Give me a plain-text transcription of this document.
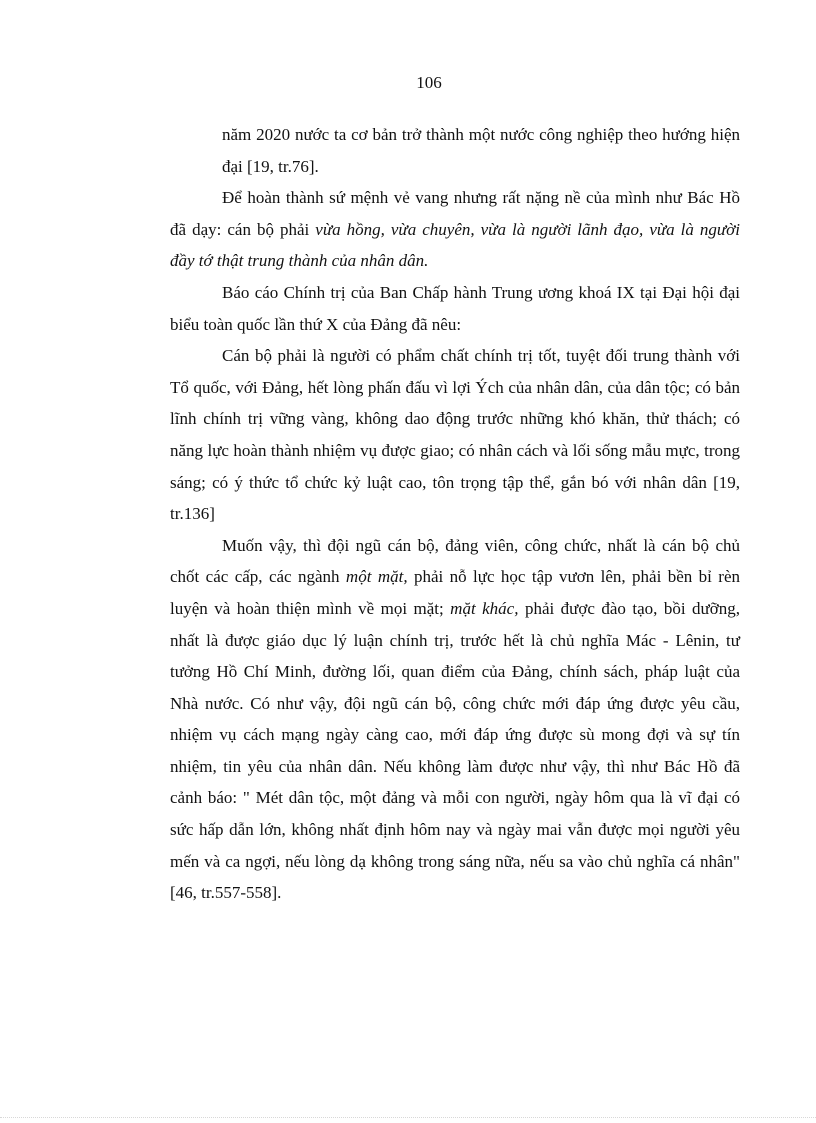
106

năm 2020 nước ta cơ bản trở thành một nước công nghiệp theo hướng hiện đại [19, tr.76].

Để hoàn thành sứ mệnh vẻ vang nhưng rất nặng nề của mình như Bác Hồ đã dạy: cán bộ phải vừa hồng, vừa chuyên, vừa là người lãnh đạo, vừa là người đầy tớ thật trung thành của nhân dân.

Báo cáo Chính trị của Ban Chấp hành Trung ương khoá IX tại Đại hội đại biểu toàn quốc lần thứ X của Đảng đã nêu:

Cán bộ phải là người có phẩm chất chính trị tốt, tuyệt đối trung thành với Tổ quốc, với Đảng, hết lòng phấn đấu vì lợi Ých của nhân dân, của dân tộc; có bản lĩnh chính trị vững vàng, không dao động trước những khó khăn, thử thách; có năng lực hoàn thành nhiệm vụ được giao; có nhân cách và lối sống mẫu mực, trong sáng; có ý thức tổ chức kỷ luật cao, tôn trọng tập thể, gắn bó với nhân dân [19, tr.136]

Muốn vậy, thì đội ngũ cán bộ, đảng viên, công chức, nhất là cán bộ chủ chốt các cấp, các ngành một mặt, phải nỗ lực học tập vươn lên, phải bền bỉ rèn luyện và hoàn thiện mình về mọi mặt; mặt khác, phải được đào tạo, bồi dưỡng, nhất là được giáo dục lý luận chính trị, trước hết là chủ nghĩa Mác - Lênin, tư tưởng Hồ Chí Minh, đường lối, quan điểm của Đảng, chính sách, pháp luật của Nhà nước. Có như vậy, đội ngũ cán bộ, công chức mới đáp ứng được yêu cầu, nhiệm vụ cách mạng ngày càng cao, mới đáp ứng được sù mong đợi và sự tín nhiệm, tin yêu của nhân dân. Nếu không làm được như vậy, thì như Bác Hồ đã cảnh báo: " Mét dân tộc, một đảng và mỗi con người, ngày hôm qua là vĩ đại có sức hấp dẫn lớn, không nhất định hôm nay và ngày mai vẫn được mọi người yêu mến và ca ngợi, nếu lòng dạ không trong sáng nữa, nếu sa vào chủ nghĩa cá nhân"[46, tr.557-558].
